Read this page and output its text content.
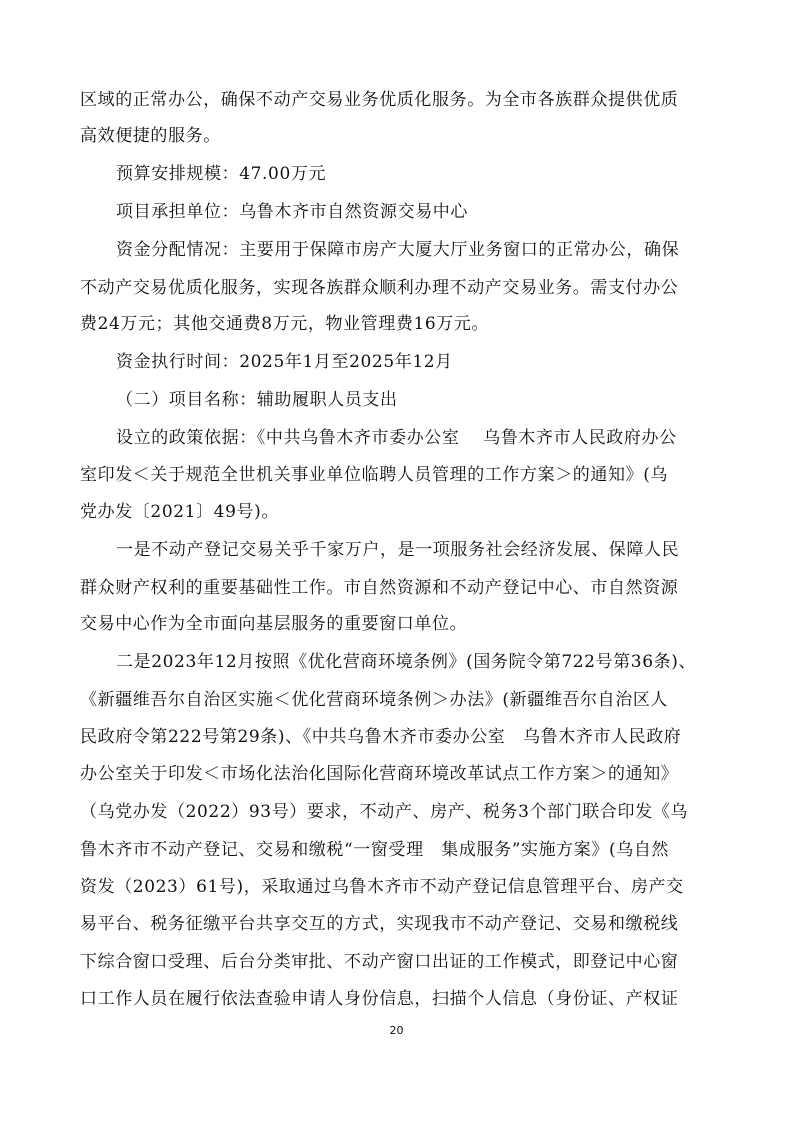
区域的正常办公，确保不动产交易业务优质化服务。为全市各族群众提供优质
高效便捷的服务。
预算安排规模：47.00万元
项目承担单位：乌鲁木齐市自然资源交易中心
资金分配情况：主要用于保障市房产大厦大厅业务窗口的正常办公，确保
不动产交易优质化服务，实现各族群众顺利办理不动产交易业务。需支付办公
费24万元；其他交通费8万元，物业管理费16万元。
资金执行时间：2025年1月至2025年12月
（二）项目名称：辅助履职人员支出
设立的政策依据：《中共乌鲁木齐市委办公室　 乌鲁木齐市人民政府办公
室印发＜关于规范全世机关事业单位临聘人员管理的工作方案＞的通知》(乌
党办发〔2021〕49号)。
一是不动产登记交易关乎千家万户，是一项服务社会经济发展、保障人民
群众财产权利的重要基础性工作。市自然资源和不动产登记中心、市自然资源
交易中心作为全市面向基层服务的重要窗口单位。
二是2023年12月按照《优化营商环境条例》(国务院令第722号第36条)、
《新疆维吾尔自治区实施＜优化营商环境条例＞办法》(新疆维吾尔自治区人
民政府令第222号第29条)、《中共乌鲁木齐市委办公室　乌鲁木齐市人民政府
办公室关于印发＜市场化法治化国际化营商环境改革试点工作方案＞的通知》
（乌党办发（2022）93号）要求，不动产、房产、税务3个部门联合印发《乌
鲁木齐市不动产登记、交易和缴税“一窗受理　集成服务”实施方案》(乌自然
资发（2023）61号)，采取通过乌鲁木齐市不动产登记信息管理平台、房产交
易平台、税务征缴平台共享交互的方式，实现我市不动产登记、交易和缴税线
下综合窗口受理、后台分类审批、不动产窗口出证的工作模式，即登记中心窗
口工作人员在履行依法查验申请人身份信息，扫描个人信息（身份证、产权证
20
